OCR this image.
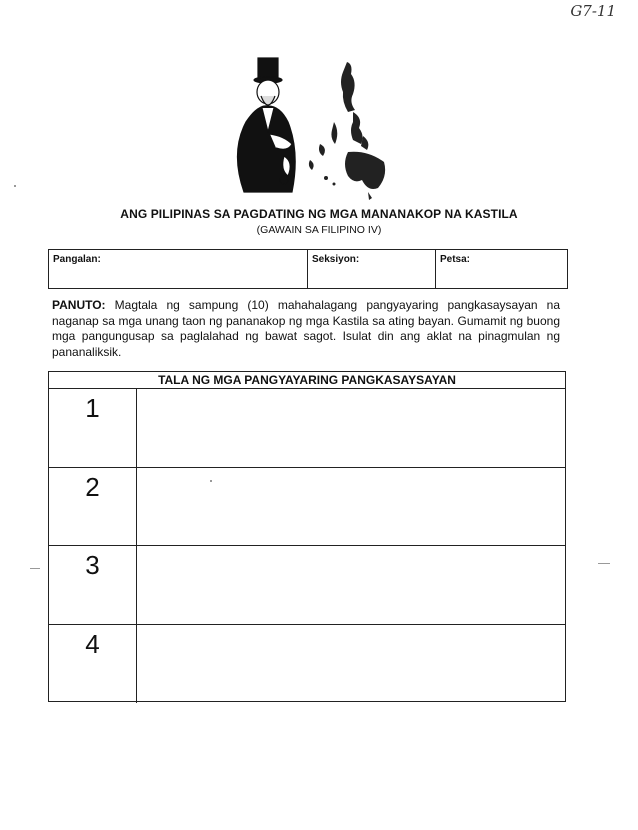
G7-11
ANG PILIPINAS SA PAGDATING NG MGA MANANAKOP NA KASTILA
(GAWAIN SA FILIPINO IV)
Pangalan:	Seksiyon:	Petsa:
PANUTO: Magtala ng sampung (10) mahahalagang pangyayaring pangkasaysayan na naganap sa mga unang taon ng pananakop ng mga Kastila sa ating bayan. Gumamit ng buong mga pangungusap sa paglalahad ng bawat sagot. Isulat din ang aklat na pinagmulan ng pananaliksik.
TALA NG MGA PANGYAYARING PANGKASAYSAYAN
1
2
3
4
